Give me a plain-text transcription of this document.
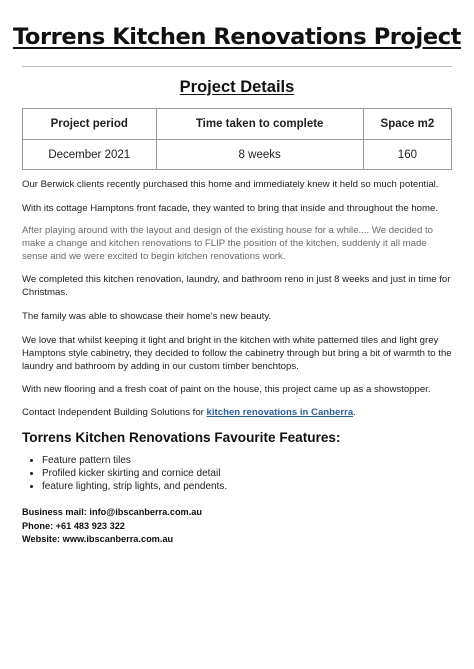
Torrens Kitchen Renovations Project
Project Details
Project period	Time taken to complete	Space m2
December 2021	8 weeks	160

Our Berwick clients recently purchased this home and immediately knew it held so much potential.

With its cottage Hamptons front facade, they wanted to bring that inside and throughout the home.

After playing around with the layout and design of the existing house for a while.... We decided to make a change and kitchen renovations to FLIP the position of the kitchen, suddenly it all made sense and we were excited to begin kitchen renovations work.

We completed this kitchen renovation, laundry, and bathroom reno in just 8 weeks and just in time for Christmas.

The family was able to showcase their home's new beauty.

We love that whilst keeping it light and bright in the kitchen with white patterned tiles and light grey Hamptons style cabinetry, they decided to follow the cabinetry through but bring a bit of warmth to the laundry and bathroom by adding in our custom timber benchtops.

With new flooring and a fresh coat of paint on the house, this project came up as a showstopper.

Contact Independent Building Solutions for kitchen renovations in Canberra.

Torrens Kitchen Renovations Favourite Features:
• Feature pattern tiles
• Profiled kicker skirting and cornice detail
• feature lighting, strip lights, and pendents.
Business mail: info@ibscanberra.com.au
Phone: +61 483 923 322
Website: www.ibscanberra.com.au
